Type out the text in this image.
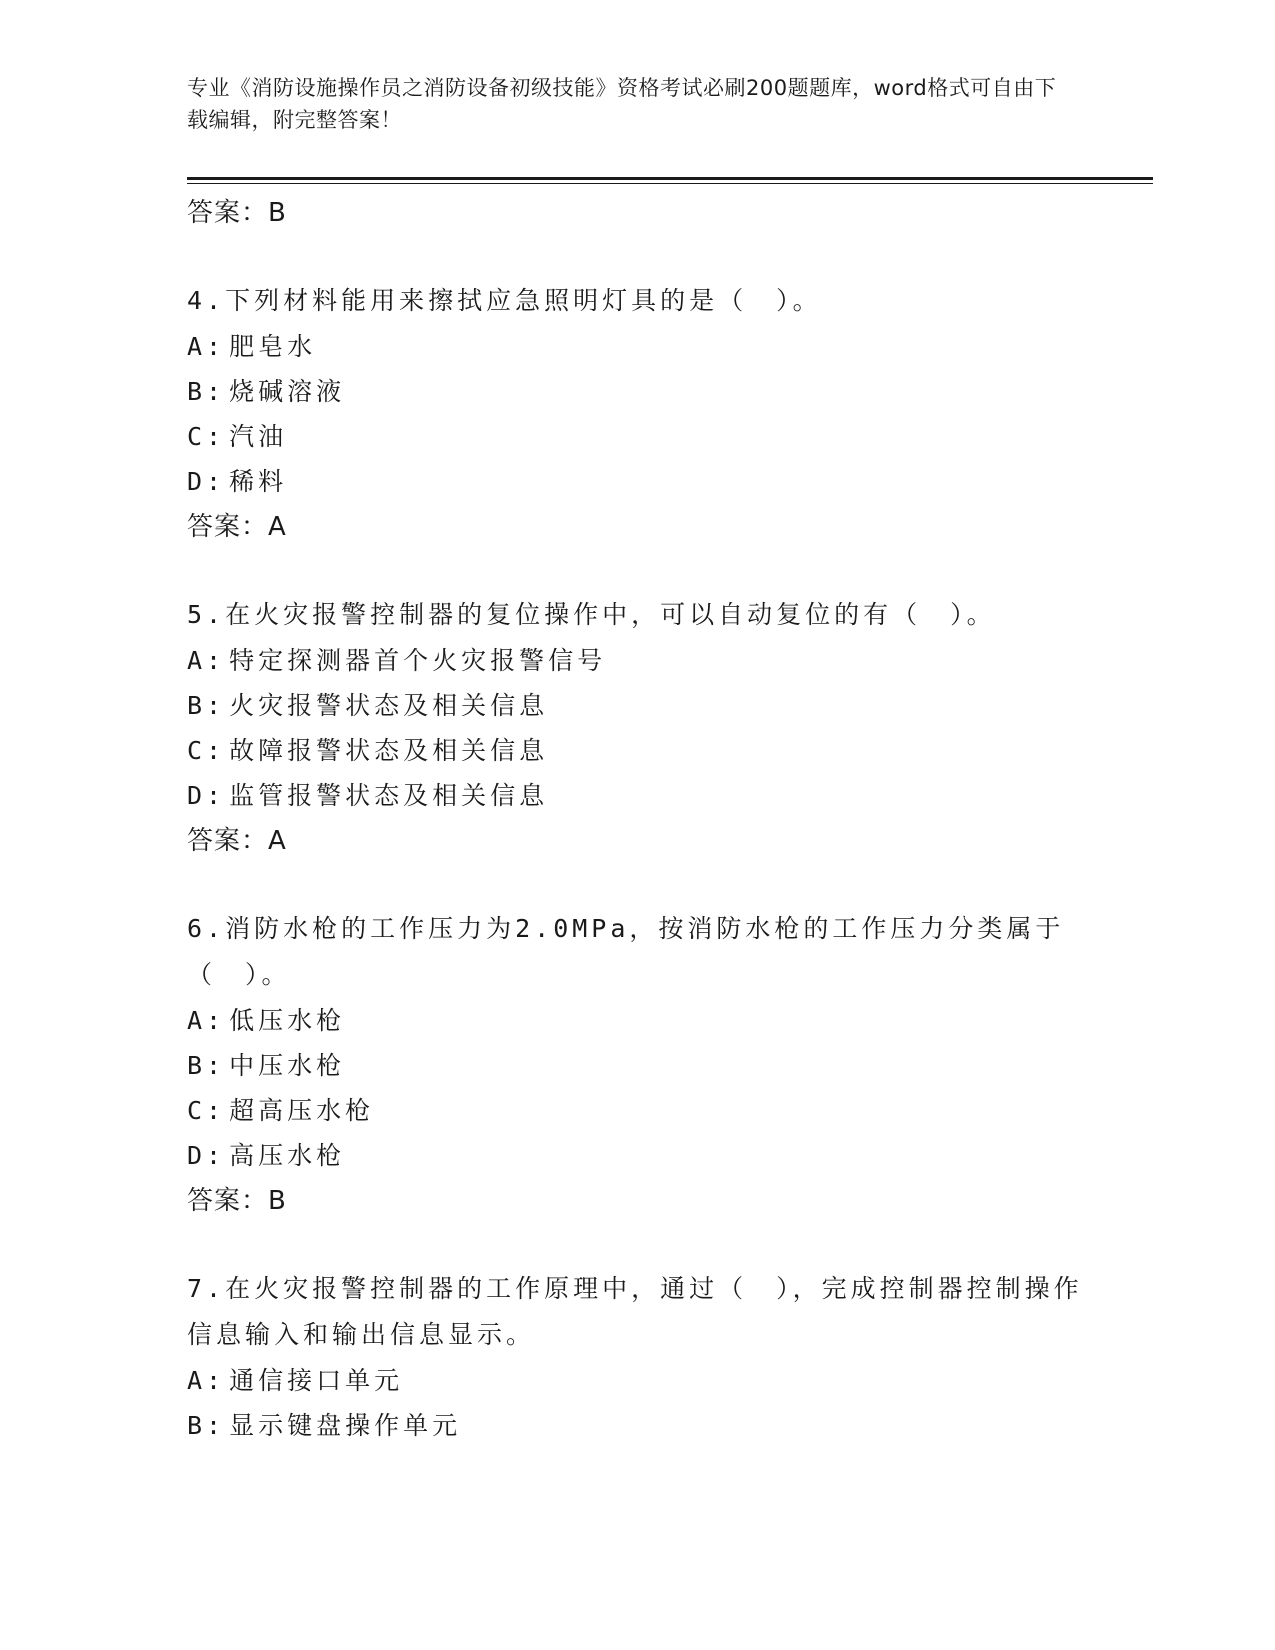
专业《消防设施操作员之消防设备初级技能》资格考试必刷200题题库，word格式可自由下载编辑，附完整答案！
答案：B
4.下列材料能用来擦拭应急照明灯具的是（　）。
A: 肥皂水
B: 烧碱溶液
C: 汽油
D: 稀料
答案：A
5.在火灾报警控制器的复位操作中，可以自动复位的有（　）。
A: 特定探测器首个火灾报警信号
B: 火灾报警状态及相关信息
C: 故障报警状态及相关信息
D: 监管报警状态及相关信息
答案：A
6.消防水枪的工作压力为2.0MPa，按消防水枪的工作压力分类属于（　）。
A: 低压水枪
B: 中压水枪
C: 超高压水枪
D: 高压水枪
答案：B
7.在火灾报警控制器的工作原理中，通过（　），完成控制器控制操作信息输入和输出信息显示。
A: 通信接口单元
B: 显示键盘操作单元
